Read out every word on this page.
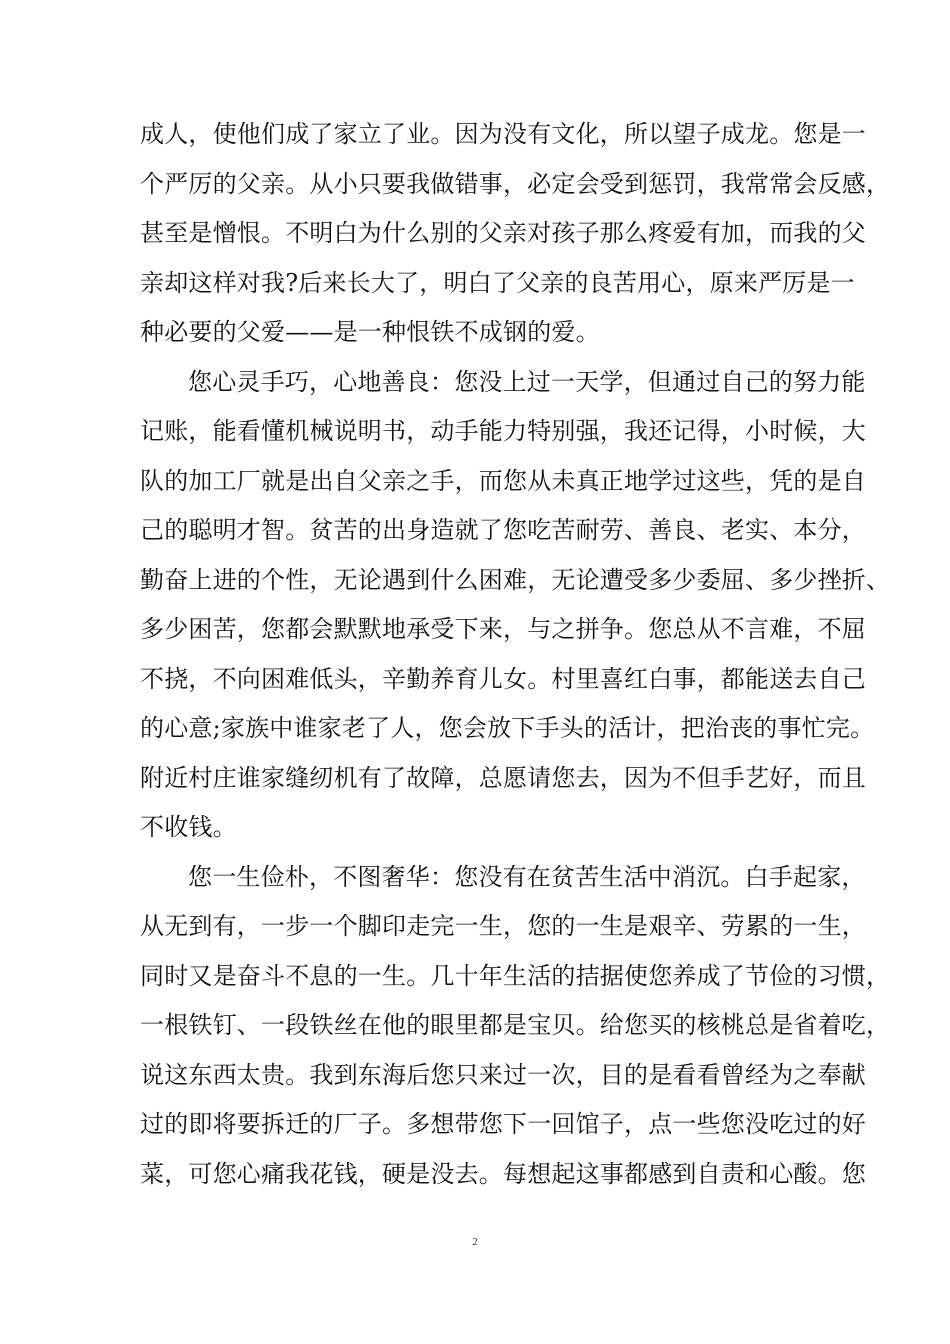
成人，使他们成了家立了业。因为没有文化，所以望子成龙。您是一
个严厉的父亲。从小只要我做错事，必定会受到惩罚，我常常会反感，
甚至是憎恨。不明白为什么别的父亲对孩子那么疼爱有加，而我的父
亲却这样对我?后来长大了，明白了父亲的良苦用心，原来严厉是一
种必要的父爱——是一种恨铁不成钢的爱。
您心灵手巧，心地善良：您没上过一天学，但通过自己的努力能
记账，能看懂机械说明书，动手能力特别强，我还记得，小时候，大
队的加工厂就是出自父亲之手，而您从未真正地学过这些，凭的是自
己的聪明才智。贫苦的出身造就了您吃苦耐劳、善良、老实、本分，
勤奋上进的个性，无论遇到什么困难，无论遭受多少委屈、多少挫折、
多少困苦，您都会默默地承受下来，与之拼争。您总从不言难，不屈
不挠，不向困难低头，辛勤养育儿女。村里喜红白事，都能送去自己
的心意;家族中谁家老了人，您会放下手头的活计，把治丧的事忙完。
附近村庄谁家缝纫机有了故障，总愿请您去，因为不但手艺好，而且
不收钱。
您一生俭朴，不图奢华：您没有在贫苦生活中消沉。白手起家，
从无到有，一步一个脚印走完一生，您的一生是艰辛、劳累的一生，
同时又是奋斗不息的一生。几十年生活的拮据使您养成了节俭的习惯，
一根铁钉、一段铁丝在他的眼里都是宝贝。给您买的核桃总是省着吃，
说这东西太贵。我到东海后您只来过一次，目的是看看曾经为之奉献
过的即将要拆迁的厂子。多想带您下一回馆子，点一些您没吃过的好
菜，可您心痛我花钱，硬是没去。每想起这事都感到自责和心酸。您
2
